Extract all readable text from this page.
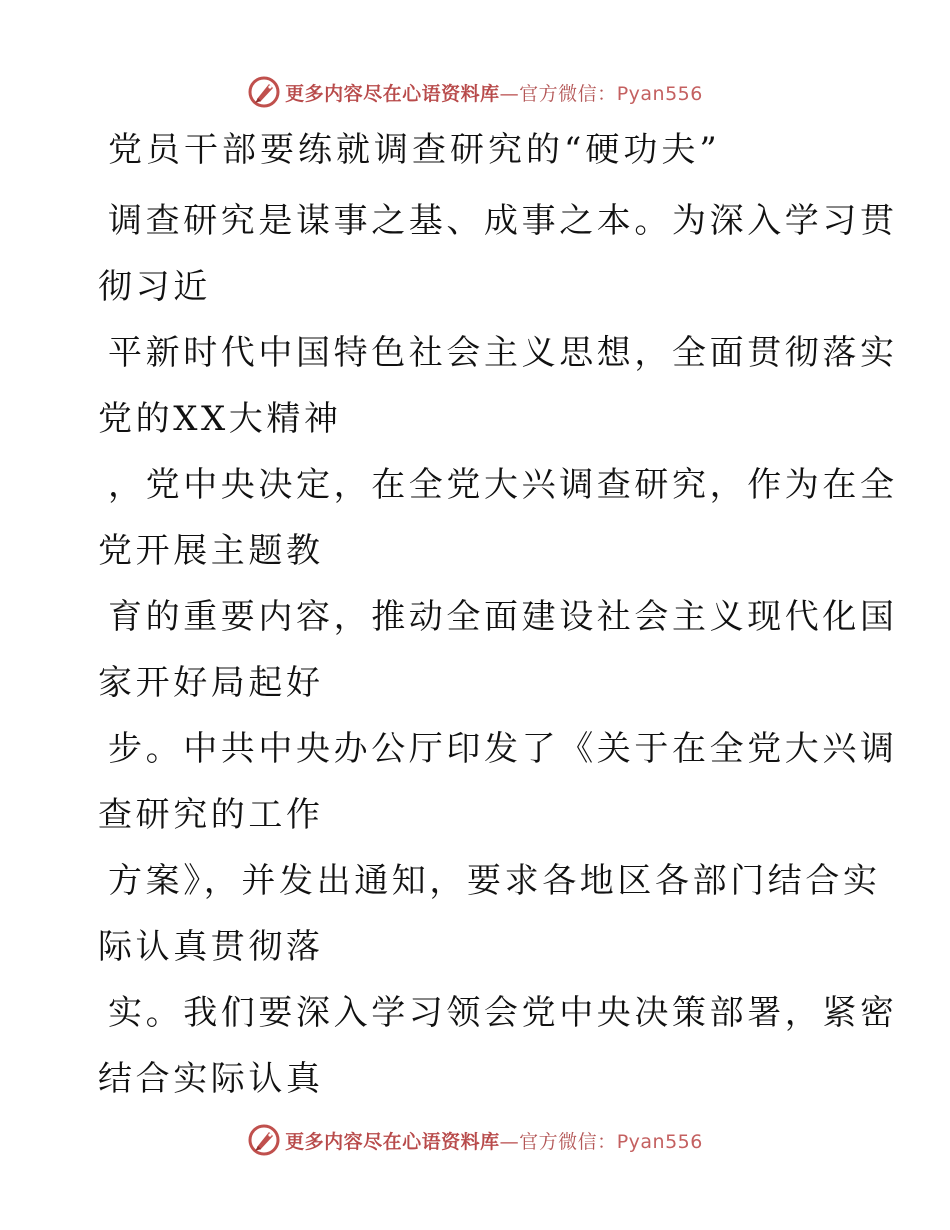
更多内容尽在心语资料库—官方微信：Pyan556
党员干部要练就调查研究的“硬功夫”
调查研究是谋事之基、成事之本。为深入学习贯
彻习近
平新时代中国特色社会主义思想，全面贯彻落实
党的XX大精神
，党中央决定，在全党大兴调查研究，作为在全
党开展主题教
育的重要内容，推动全面建设社会主义现代化国
家开好局起好
步。中共中央办公厅印发了《关于在全党大兴调
查研究的工作
方案》，并发出通知，要求各地区各部门结合实
际认真贯彻落
实。我们要深入学习领会党中央决策部署，紧密
结合实际认真
更多内容尽在心语资料库—官方微信：Pyan556
